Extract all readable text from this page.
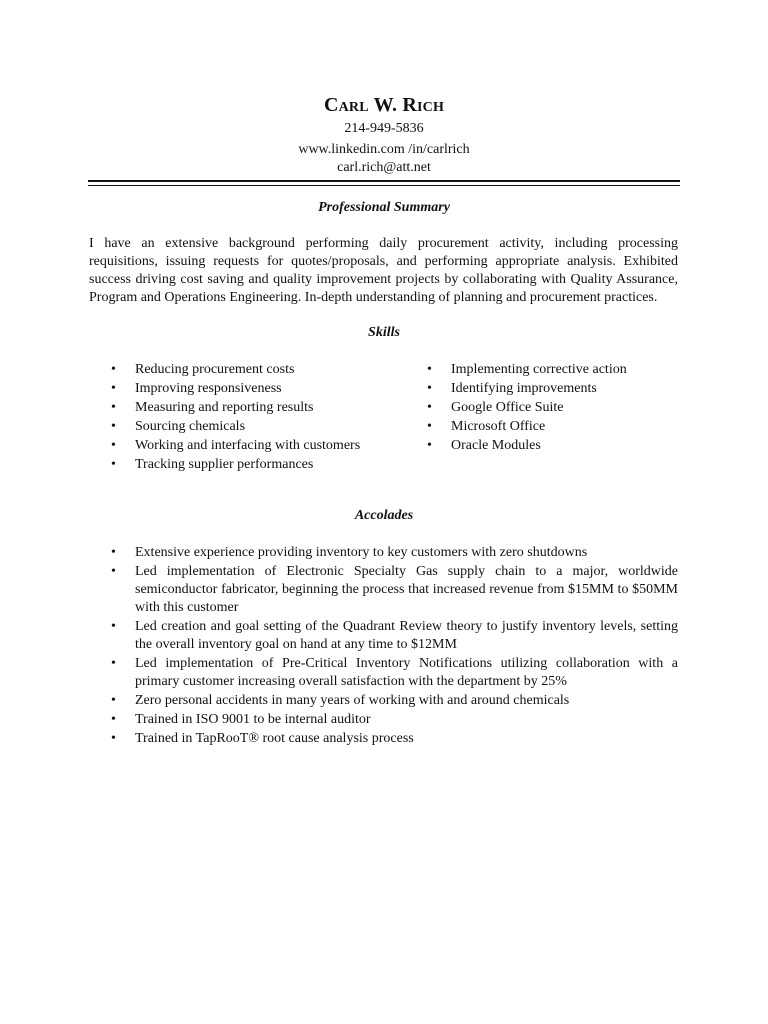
Carl W. Rich
214-949-5836
www.linkedin.com /in/carlrich
carl.rich@att.net
Professional Summary

I have an extensive background performing daily procurement activity, including processing requisitions, issuing requests for quotes/proposals, and performing appropriate analysis. Exhibited success driving cost saving and quality improvement projects by collaborating with Quality Assurance, Program and Operations Engineering. In-depth understanding of planning and procurement practices.

Skills
• Reducing procurement costs
• Improving responsiveness
• Measuring and reporting results
• Sourcing chemicals
• Working and interfacing with customers
• Tracking supplier performances
• Implementing corrective action
• Identifying improvements
• Google Office Suite
• Microsoft Office
• Oracle Modules
Accolades
• Extensive experience providing inventory to key customers with zero shutdowns
• Led implementation of Electronic Specialty Gas supply chain to a major, worldwide semiconductor fabricator, beginning the process that increased revenue from $15MM to $50MM with this customer
• Led creation and goal setting of the Quadrant Review theory to justify inventory levels, setting the overall inventory goal on hand at any time to $12MM
• Led implementation of Pre-Critical Inventory Notifications utilizing collaboration with a primary customer increasing overall satisfaction with the department by 25%
• Zero personal accidents in many years of working with and around chemicals
• Trained in ISO 9001 to be internal auditor
• Trained in TapRooT® root cause analysis process
